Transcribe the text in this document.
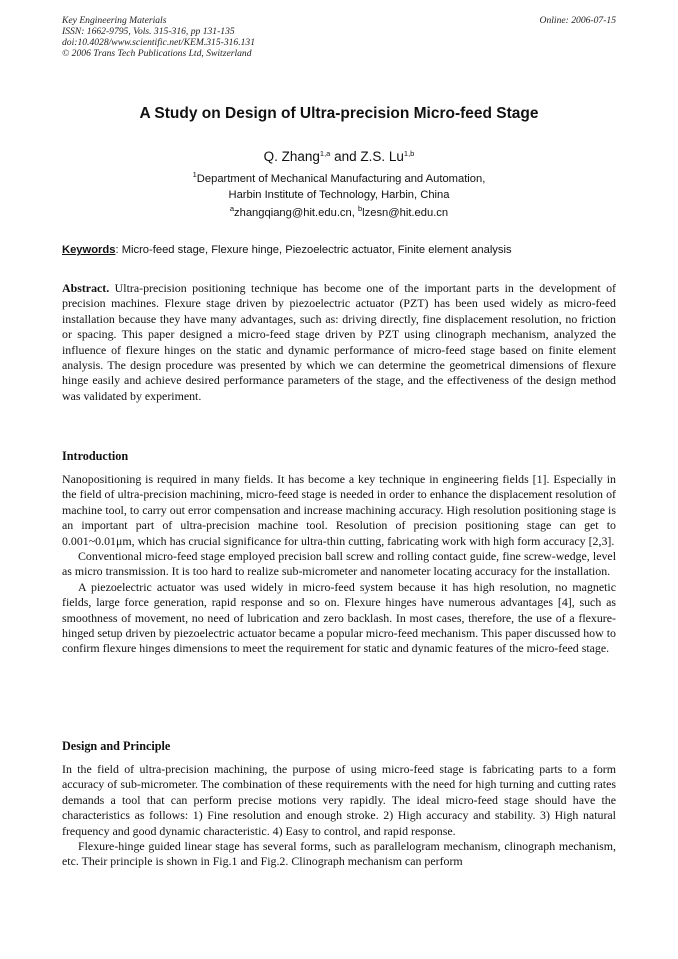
Key Engineering Materials
ISSN: 1662-9795, Vols. 315-316, pp 131-135
doi:10.4028/www.scientific.net/KEM.315-316.131
© 2006 Trans Tech Publications Ltd, Switzerland
Online: 2006-07-15
A Study on Design of Ultra-precision Micro-feed Stage
Q. Zhang$^{1,a}$ and Z.S. Lu$^{1,b}$
$^1$Department of Mechanical Manufacturing and Automation,
Harbin Institute of Technology, Harbin, China
$^a$zhangqiang@hit.edu.cn, $^b$lzesn@hit.edu.cn
Keywords: Micro-feed stage, Flexure hinge, Piezoelectric actuator, Finite element analysis

Abstract. Ultra-precision positioning technique has become one of the important parts in the development of precision machines. Flexure stage driven by piezoelectric actuator (PZT) has been used widely as micro-feed installation because they have many advantages, such as: driving directly, fine displacement resolution, no friction or spacing. This paper designed a micro-feed stage driven by PZT using clinograph mechanism, analyzed the influence of flexure hinges on the static and dynamic performance of micro-feed stage based on finite element analysis. The design procedure was presented by which we can determine the geometrical dimensions of flexure hinge easily and achieve desired performance parameters of the stage, and the effectiveness of the design method was validated by experiment.

Introduction

Nanopositioning is required in many fields. It has become a key technique in engineering fields [1]. Especially in the field of ultra-precision machining, micro-feed stage is needed in order to enhance the displacement resolution of machine tool, to carry out error compensation and increase machining accuracy. High resolution positioning stage is an important part of ultra-precision machine tool. Resolution of precision positioning stage can get to 0.001~0.01μm, which has crucial significance for ultra-thin cutting, fabricating work with high form accuracy [2,3].

Conventional micro-feed stage employed precision ball screw and rolling contact guide, fine screw-wedge, level as micro transmission. It is too hard to realize sub-micrometer and nanometer locating accuracy for the installation.

A piezoelectric actuator was used widely in micro-feed system because it has high resolution, no magnetic fields, large force generation, rapid response and so on. Flexure hinges have numerous advantages [4], such as smoothness of movement, no need of lubrication and zero backlash. In most cases, therefore, the use of a flexure-hinged setup driven by piezoelectric actuator became a popular micro-feed mechanism. This paper discussed how to confirm flexure hinges dimensions to meet the requirement for static and dynamic features of the micro-feed stage.

Design and Principle

In the field of ultra-precision machining, the purpose of using micro-feed stage is fabricating parts to a form accuracy of sub-micrometer. The combination of these requirements with the need for high turning and cutting rates demands a tool that can perform precise motions very rapidly. The ideal micro-feed stage should have the characteristics as follows: 1) Fine resolution and enough stroke. 2) High accuracy and stability. 3) High natural frequency and good dynamic characteristic. 4) Easy to control, and rapid response.

Flexure-hinge guided linear stage has several forms, such as parallelogram mechanism, clinograph mechanism, etc. Their principle is shown in Fig.1 and Fig.2. Clinograph mechanism can perform
